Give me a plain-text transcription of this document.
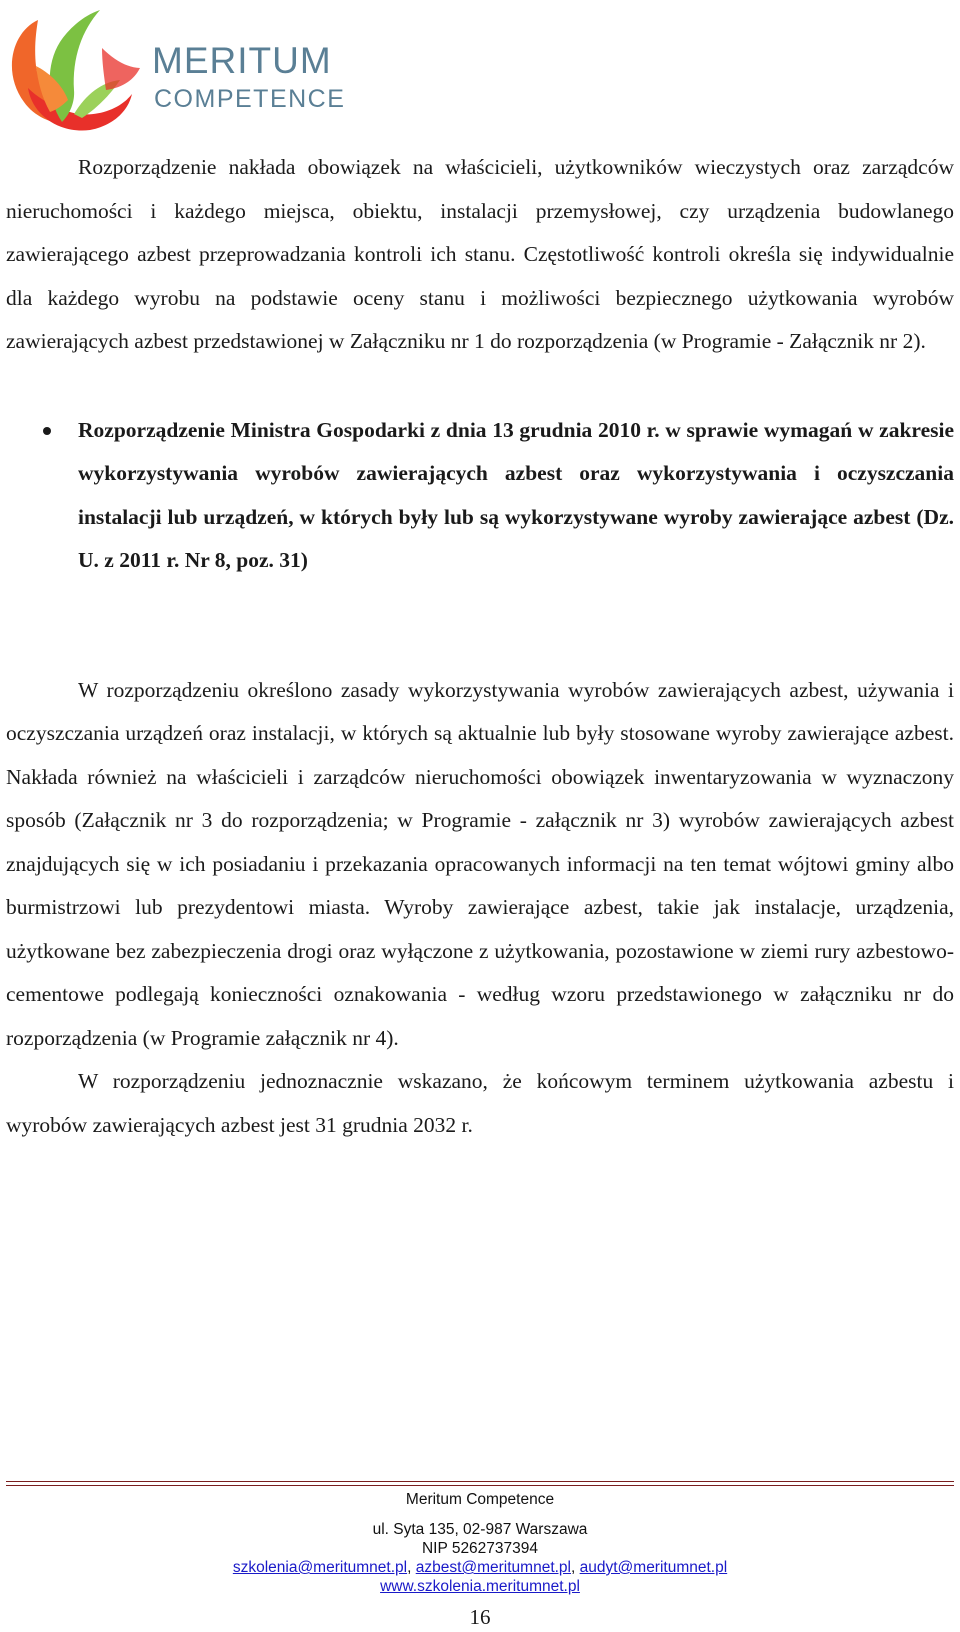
MERITUM
COMPETENCE

Rozporządzenie nakłada obowiązek na właścicieli, użytkowników wieczystych oraz zarządców nieruchomości i każdego miejsca, obiektu, instalacji przemysłowej, czy urządzenia budowlanego zawierającego azbest przeprowadzania kontroli ich stanu. Częstotliwość kontroli określa się indywidualnie dla każdego wyrobu na podstawie oceny stanu i możliwości bezpiecznego użytkowania wyrobów zawierających azbest przedstawionej w Załączniku nr 1 do rozporządzenia (w Programie - Załącznik nr 2).

Rozporządzenie Ministra Gospodarki z dnia 13 grudnia 2010 r. w sprawie wymagań w zakresie wykorzystywania wyrobów zawierających azbest oraz wykorzystywania i oczyszczania instalacji lub urządzeń, w których były lub są wykorzystywane wyroby zawierające azbest (Dz. U. z 2011 r. Nr 8, poz. 31)

W rozporządzeniu określono zasady wykorzystywania wyrobów zawierających azbest, używania i oczyszczania urządzeń oraz instalacji, w których są aktualnie lub były stosowane wyroby zawierające azbest. Nakłada również na właścicieli i zarządców nieruchomości obowiązek inwentaryzowania w wyznaczony sposób (Załącznik nr 3 do rozporządzenia; w Programie - załącznik nr 3) wyrobów zawierających azbest znajdujących się w ich posiadaniu i przekazania opracowanych informacji na ten temat wójtowi gminy albo burmistrzowi lub prezydentowi miasta. Wyroby zawierające azbest, takie jak instalacje, urządzenia, użytkowane bez zabezpieczenia drogi oraz wyłączone z użytkowania, pozostawione w ziemi rury azbestowo-cementowe podlegają konieczności oznakowania - według wzoru przedstawionego w załączniku nr do rozporządzenia (w Programie załącznik nr 4).

W rozporządzeniu jednoznacznie wskazano, że końcowym terminem użytkowania azbestu i wyrobów zawierających azbest jest 31 grudnia 2032 r.

Meritum Competence
ul. Syta 135, 02-987 Warszawa
NIP 5262737394
szkolenia@meritumnet.pl, azbest@meritumnet.pl, audyt@meritumnet.pl
www.szkolenia.meritumnet.pl
16
